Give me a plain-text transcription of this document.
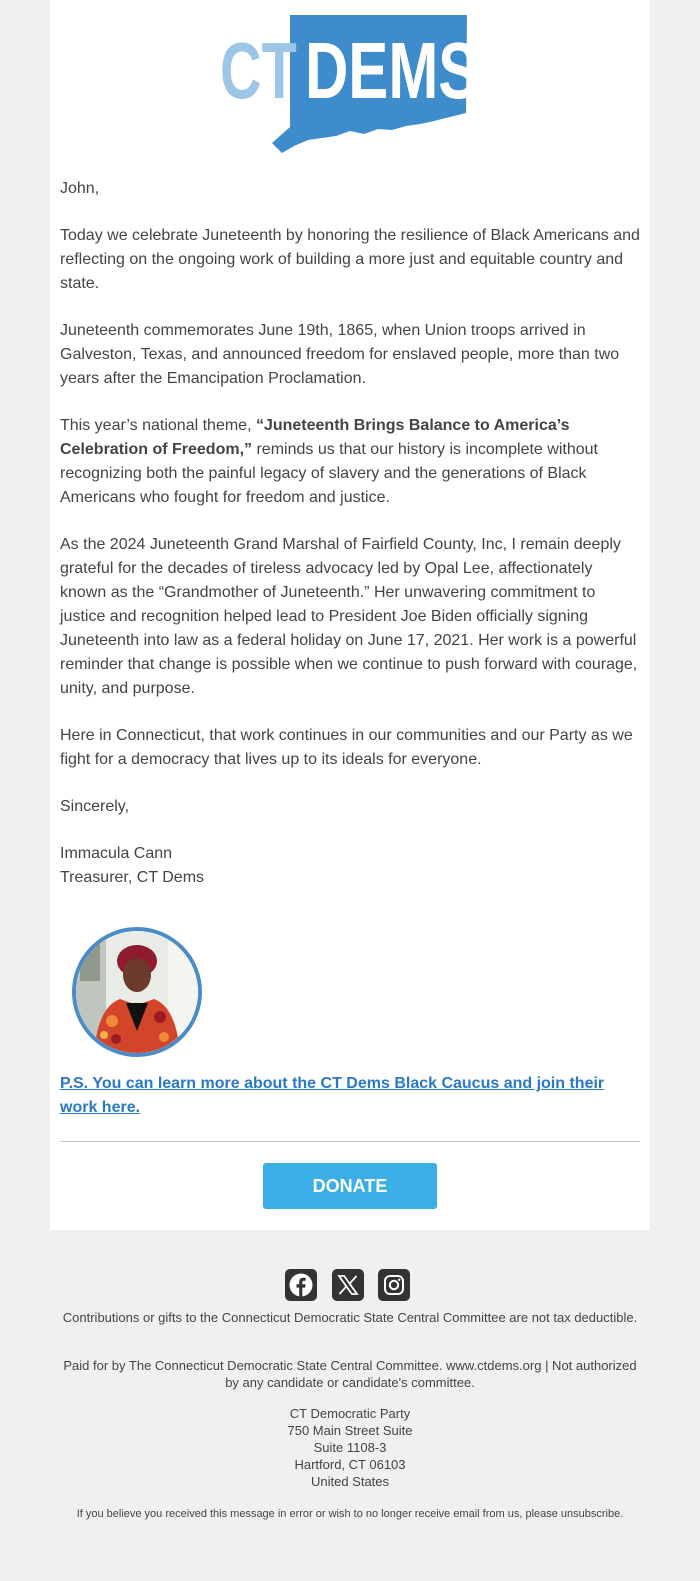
CT DEMS

John,

Today we celebrate Juneteenth by honoring the resilience of Black Americans and reflecting on the ongoing work of building a more just and equitable country and state.

Juneteenth commemorates June 19th, 1865, when Union troops arrived in Galveston, Texas, and announced freedom for enslaved people, more than two years after the Emancipation Proclamation.

This year’s national theme, “Juneteenth Brings Balance to America’s Celebration of Freedom,” reminds us that our history is incomplete without recognizing both the painful legacy of slavery and the generations of Black Americans who fought for freedom and justice.

As the 2024 Juneteenth Grand Marshal of Fairfield County, Inc, I remain deeply grateful for the decades of tireless advocacy led by Opal Lee, affectionately known as the “Grandmother of Juneteenth.” Her unwavering commitment to justice and recognition helped lead to President Joe Biden officially signing Juneteenth into law as a federal holiday on June 17, 2021. Her work is a powerful reminder that change is possible when we continue to push forward with courage, unity, and purpose.

Here in Connecticut, that work continues in our communities and our Party as we fight for a democracy that lives up to its ideals for everyone.

Sincerely,

Immacula Cann

Treasurer, CT Dems

P.S. You can learn more about the CT Dems Black Caucus and join their work here.
DONATE
Contributions or gifts to the Connecticut Democratic State Central Committee are not tax deductible.
Paid for by The Connecticut Democratic State Central Committee. www.ctdems.org | Not authorized by any candidate or candidate's committee.
CT Democratic Party
750 Main Street Suite
Suite 1108-3
Hartford, CT 06103
United States
If you believe you received this message in error or wish to no longer receive email from us, please unsubscribe.
